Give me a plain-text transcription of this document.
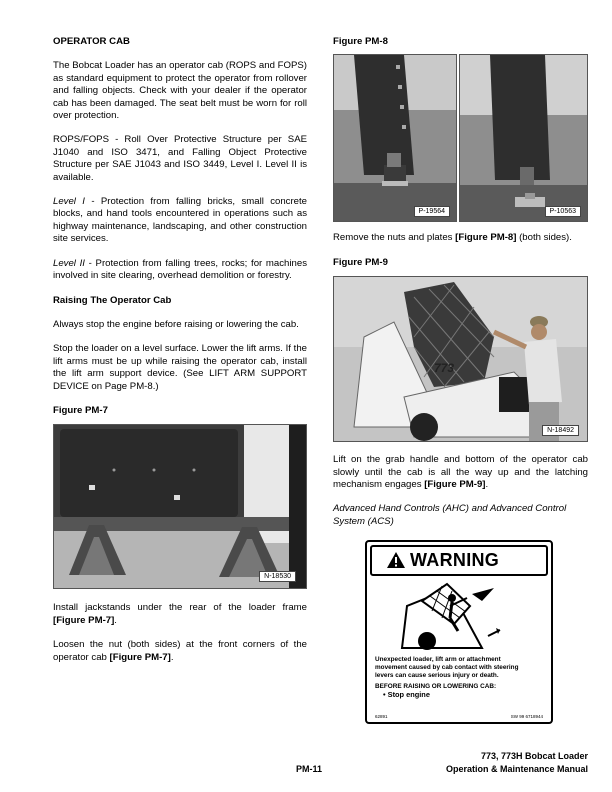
OPERATOR CAB

The Bobcat Loader has an operator cab (ROPS and FOPS) as standard equipment to protect the operator from rollover and falling objects. Check with your dealer if the operator cab has been damaged. The seat belt must be worn for roll over protection.

ROPS/FOPS - Roll Over Protective Structure per SAE J1040 and ISO 3471, and Falling Object Protective Structure per SAE J1043 and ISO 3449, Level I. Level II is available.

Level I - Protection from falling bricks, small concrete blocks, and hand tools encountered in operations such as highway maintenance, landscaping, and other construction site services.

Level II - Protection from falling trees, rocks; for machines involved in site clearing, overhead demolition or forestry.

Raising The Operator Cab

Always stop the engine before raising or lowering the cab.

Stop the loader on a level surface. Lower the lift arms. If the lift arms must be up while raising the operator cab, install the lift arm support device. (See LIFT ARM SUPPORT DEVICE on Page PM-8.)

Figure PM-7
N-18530

Install jackstands under the rear of the loader frame [Figure PM-7].

Loosen the nut (both sides) at the front corners of the operator cab [Figure PM-7].

Figure PM-8
P-19564	P-10563

Remove the nuts and plates [Figure PM-8] (both sides).

Figure PM-9
773
N-18492

Lift on the grab handle and bottom of the operator cab slowly until the cab is all the way up and the latching mechanism engages [Figure PM-9].

Advanced Hand Controls (AHC) and Advanced Control System (ACS)

WARNING
Unexpected loader, lift arm or attachment
movement caused by cab contact with steering
levers can cause serious injury or death.
BEFORE RAISING OR LOWERING CAB:
• Stop engine
62891	SW 99 6718944
PM-11
773, 773H Bobcat Loader
Operation & Maintenance Manual
